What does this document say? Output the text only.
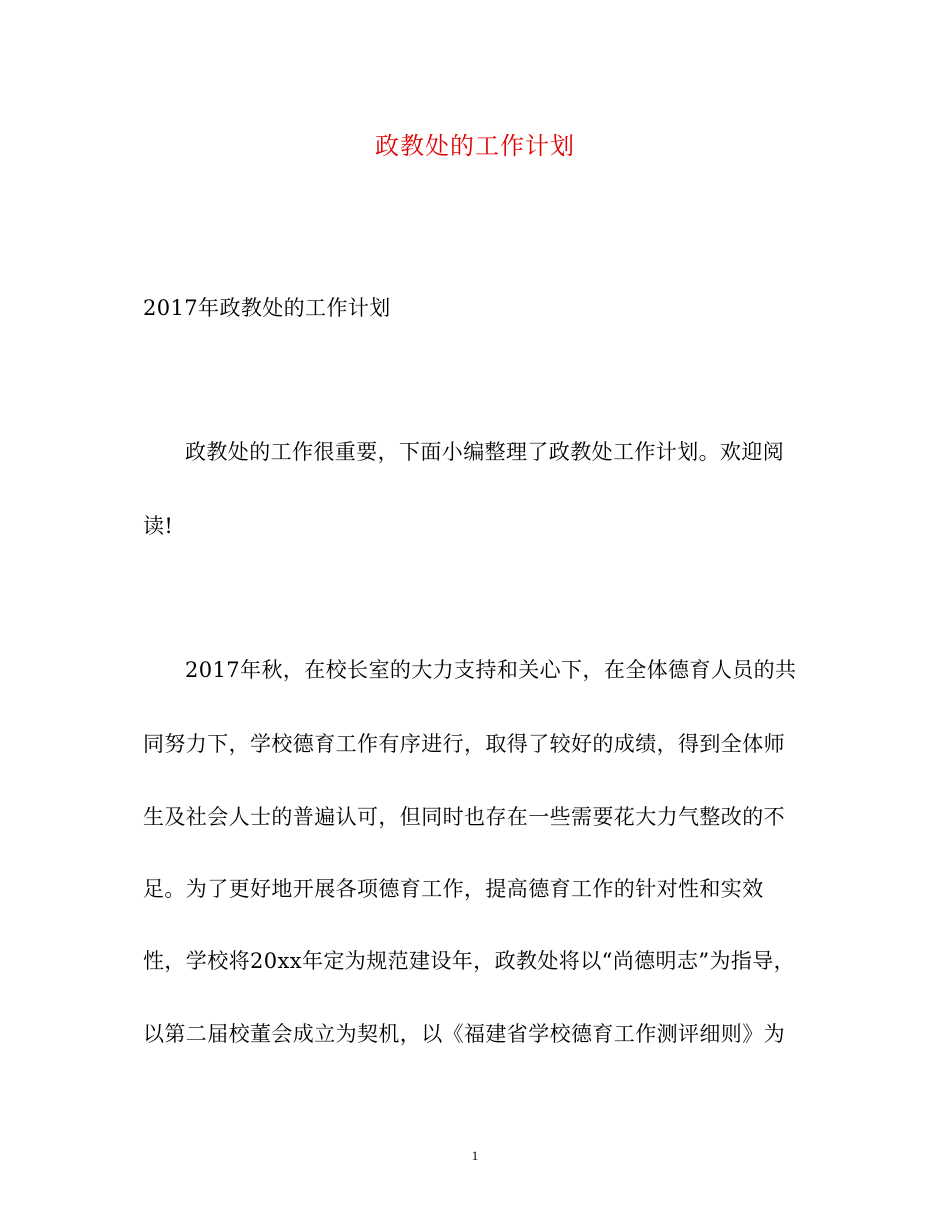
政教处的工作计划
2017年政教处的工作计划
政教处的工作很重要，下面小编整理了政教处工作计划。欢迎阅
读!
2017年秋，在校长室的大力支持和关心下，在全体德育人员的共
同努力下，学校德育工作有序进行，取得了较好的成绩，得到全体师
生及社会人士的普遍认可，但同时也存在一些需要花大力气整改的不
足。为了更好地开展各项德育工作，提高德育工作的针对性和实效
性，学校将20xx年定为规范建设年，政教处将以“尚德明志”为指导，
以第二届校董会成立为契机，以《福建省学校德育工作测评细则》为
1
